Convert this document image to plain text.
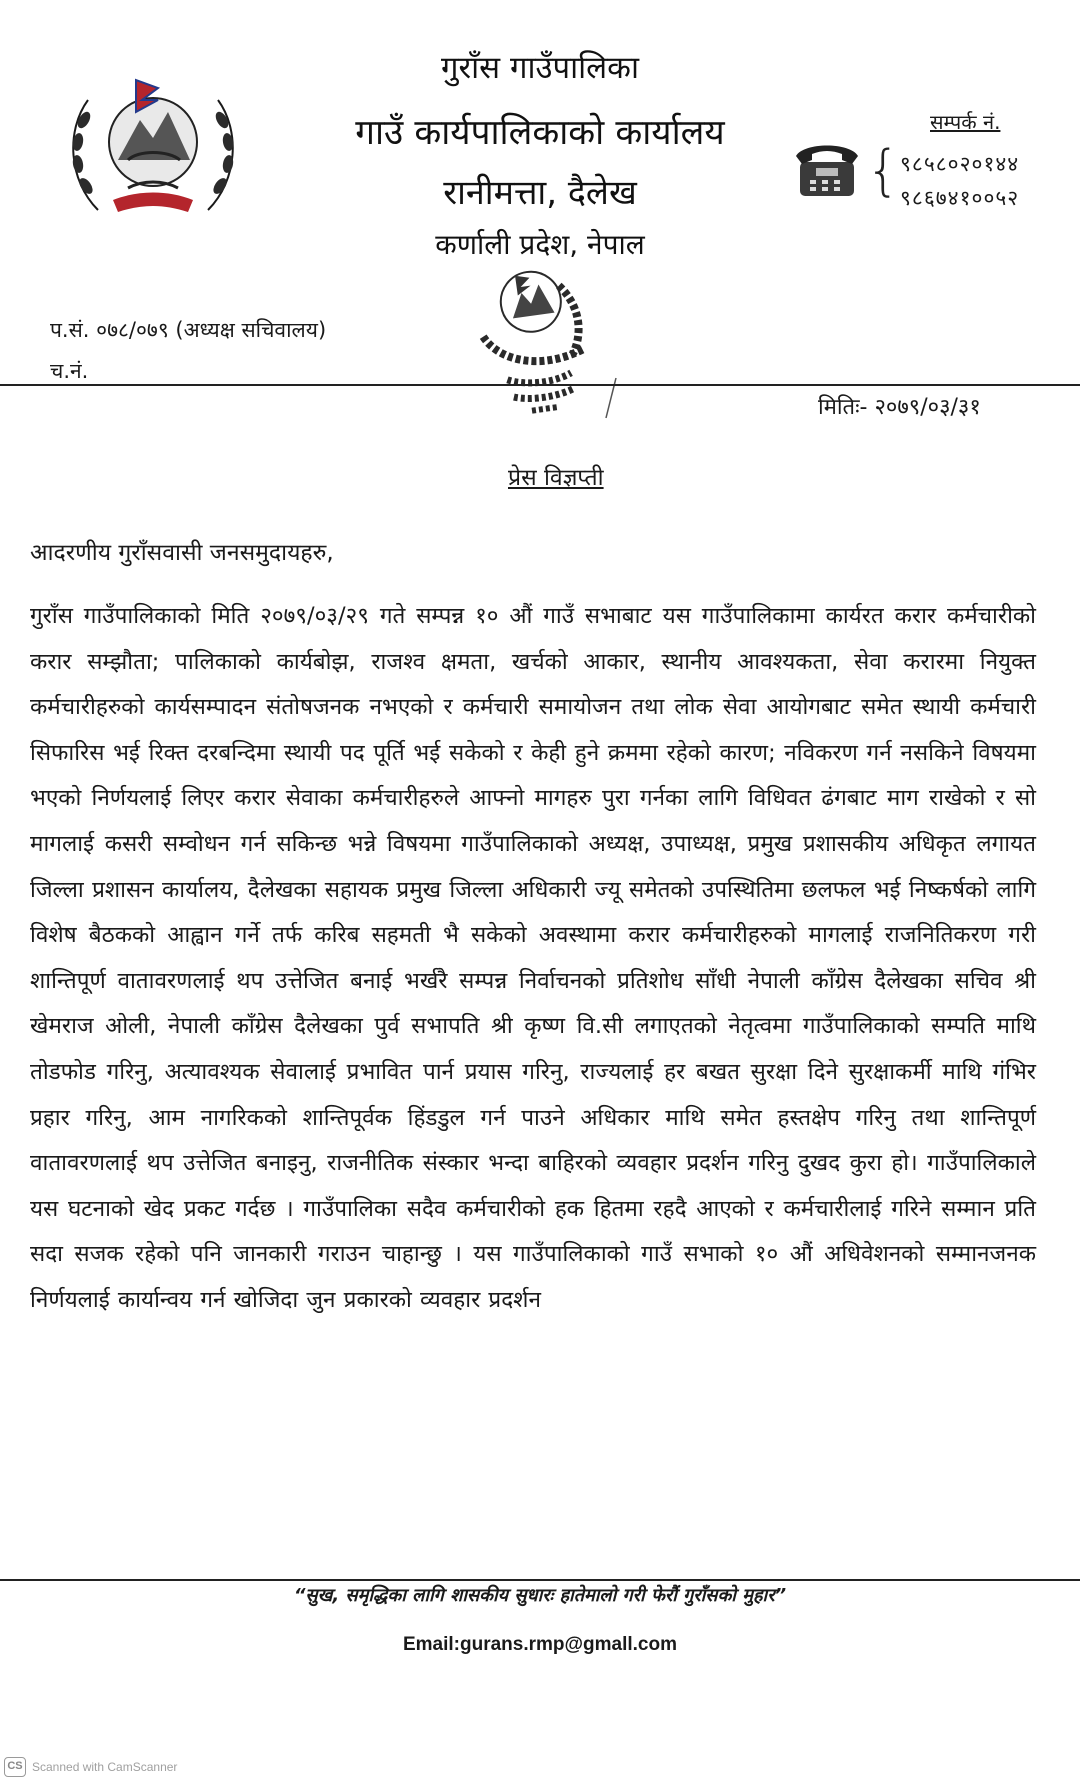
गुराँस गाउँपालिका
गाउँ कार्यपालिकाको कार्यालय
रानीमत्ता, दैलेख
कर्णाली प्रदेश, नेपाल
सम्पर्क नं.
{ ९८५८०२०१४४
९८६७४१००५२
प.सं. ०७८/०७९ (अध्यक्ष सचिवालय)
च.नं.
मितिः- २०७९/०३/३१
प्रेस विज्ञप्ती
आदरणीय गुराँसवासी जनसमुदायहरु,
गुराँस गाउँपालिकाको मिति २०७९/०३/२९ गते सम्पन्न १० औं गाउँ सभाबाट यस गाउँपालिकामा कार्यरत करार कर्मचारीको करार सम्झौता; पालिकाको कार्यबोझ, राजश्व क्षमता, खर्चको आकार, स्थानीय आवश्यकता, सेवा करारमा नियुक्त कर्मचारीहरुको कार्यसम्पादन संतोषजनक नभएको र कर्मचारी समायोजन तथा लोक सेवा आयोगबाट समेत स्थायी कर्मचारी सिफारिस भई रिक्त दरबन्दिमा स्थायी पद पूर्ति भई सकेको र केही हुने क्रममा रहेको कारण; नविकरण गर्न नसकिने विषयमा भएको निर्णयलाई लिएर करार सेवाका कर्मचारीहरुले आफ्नो मागहरु पुरा गर्नका लागि विधिवत ढंगबाट माग राखेको र सो मागलाई कसरी सम्वोधन गर्न सकिन्छ भन्ने विषयमा गाउँपालिकाको अध्यक्ष, उपाध्यक्ष, प्रमुख प्रशासकीय अधिकृत लगायत जिल्ला प्रशासन कार्यालय, दैलेखका सहायक प्रमुख जिल्ला अधिकारी ज्यू समेतको उपस्थितिमा छलफल भई निष्कर्षको लागि विशेष बैठकको आह्वान गर्ने तर्फ करिब सहमती भै सकेको अवस्थामा करार कर्मचारीहरुको मागलाई राजनितिकरण गरी शान्तिपूर्ण वातावरणलाई थप उत्तेजित बनाई भर्खरै सम्पन्न निर्वाचनको प्रतिशोध साँधी नेपाली काँग्रेस दैलेखका सचिव श्री खेमराज ओली, नेपाली काँग्रेस दैलेखका पुर्व सभापति श्री कृष्ण वि.सी लगाएतको नेतृत्वमा गाउँपालिकाको सम्पति माथि तोडफोड गरिनु, अत्यावश्यक सेवालाई प्रभावित पार्न प्रयास गरिनु, राज्यलाई हर बखत सुरक्षा दिने सुरक्षाकर्मी माथि गंभिर प्रहार गरिनु, आम नागरिकको शान्तिपूर्वक हिंडडुल गर्न पाउने अधिकार माथि समेत हस्तक्षेप गरिनु तथा शान्तिपूर्ण वातावरणलाई थप उत्तेजित बनाइनु, राजनीतिक संस्कार भन्दा बाहिरको व्यवहार प्रदर्शन गरिनु दुखद कुरा हो। गाउँपालिकाले यस घटनाको खेद प्रकट गर्दछ । गाउँपालिका सदैव कर्मचारीको हक हितमा रहदै आएको र कर्मचारीलाई गरिने सम्मान प्रति सदा सजक रहेको पनि जानकारी गराउन चाहान्छु । यस गाउँपालिकाको गाउँ सभाको १० औं अधिवेशनको सम्मानजनक निर्णयलाई कार्यान्वय गर्न खोजिदा जुन प्रकारको व्यवहार प्रदर्शन
“सुख, समृद्धिका लागि शासकीय सुधारः हातेमालो गरी फेरौं गुराँसको मुहार”
Email:gurans.rmp@gmall.com
CS Scanned with CamScanner
